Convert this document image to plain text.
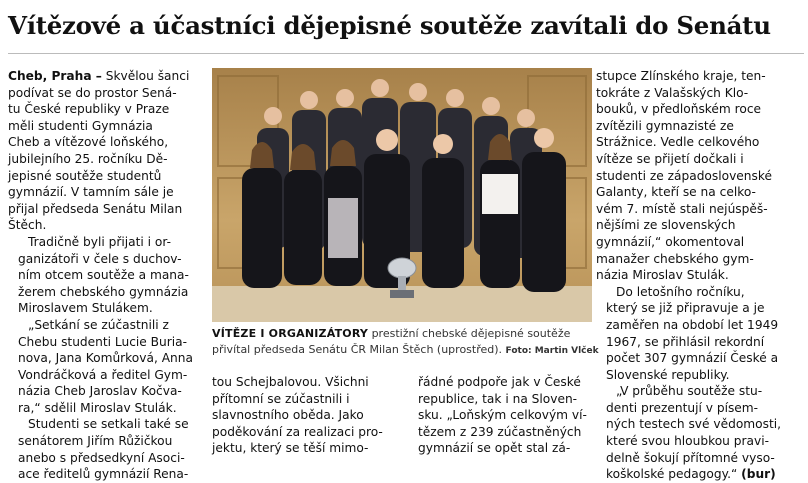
Vítězové a účastníci dějepisné soutěže zavítali do Senátu

Cheb, Praha – Skvělou šanci
podívat se do prostor Sená-
tu České republiky v Praze
měli studenti Gymnázia
Cheb a vítězové loňského,
jubilejního 25. ročníku Dě-
jepisné soutěže studentů
gymnázií. V tamním sále je
přijal předseda Senátu Milan
Štěch.

Tradičně byli přijati i or-
ganizátoři v čele s duchov-
ním otcem soutěže a mana-
žerem chebského gymnázia
Miroslavem Stulákem.

„Setkání se zúčastnili z
Chebu studenti Lucie Buria-
nova, Jana Komůrková, Anna
Vondráčková a ředitel Gym-
názia Cheb Jaroslav Kočva-
ra,“ sdělil Miroslav Stulák.

Studenti se setkali také se
senátorem Jiřím Růžičkou
anebo s předsedkyní Asoci-
ace ředitelů gymnázií Rena-

VÍTĚZE I ORGANIZÁTORY prestižní chebské dějepisné soutěže
přivítal předseda Senátu ČR Milan Štěch (uprostřed). Foto: Martin Vlček
tou Schejbalovou. Všichni
přítomní se zúčastnili i
slavnostního oběda. Jako
poděkování za realizaci pro-
jektu, který se těší mimo-
řádné podpoře jak v České
republice, tak i na Sloven-
sku. „Loňským celkovým ví-
tězem z 239 zúčastněných
gymnázií se opět stal zá-

stupce Zlínského kraje, ten-
tokráte z Valašských Klo-
bouků, v předloňském roce
zvítězili gymnazisté ze
Strážnice. Vedle celkového
vítěze se přijetí dočkali i
studenti ze západoslovenské
Galanty, kteří se na celko-
vém 7. místě stali nejúspěš-
nějšími ze slovenských
gymnázií,“ okomentoval
manažer chebského gym-
názia Miroslav Stulák.

Do letošního ročníku,
který se již připravuje a je
zaměřen na období let 1949
1967, se přihlásil rekordní
počet 307 gymnázií České a
Slovenské republiky.

„V průběhu soutěže stu-
denti prezentují v písem-
ných testech své vědomosti,
které svou hloubkou pravi-
delně šokují přítomné vyso-
koškolské pedagogy.“ (bur)
